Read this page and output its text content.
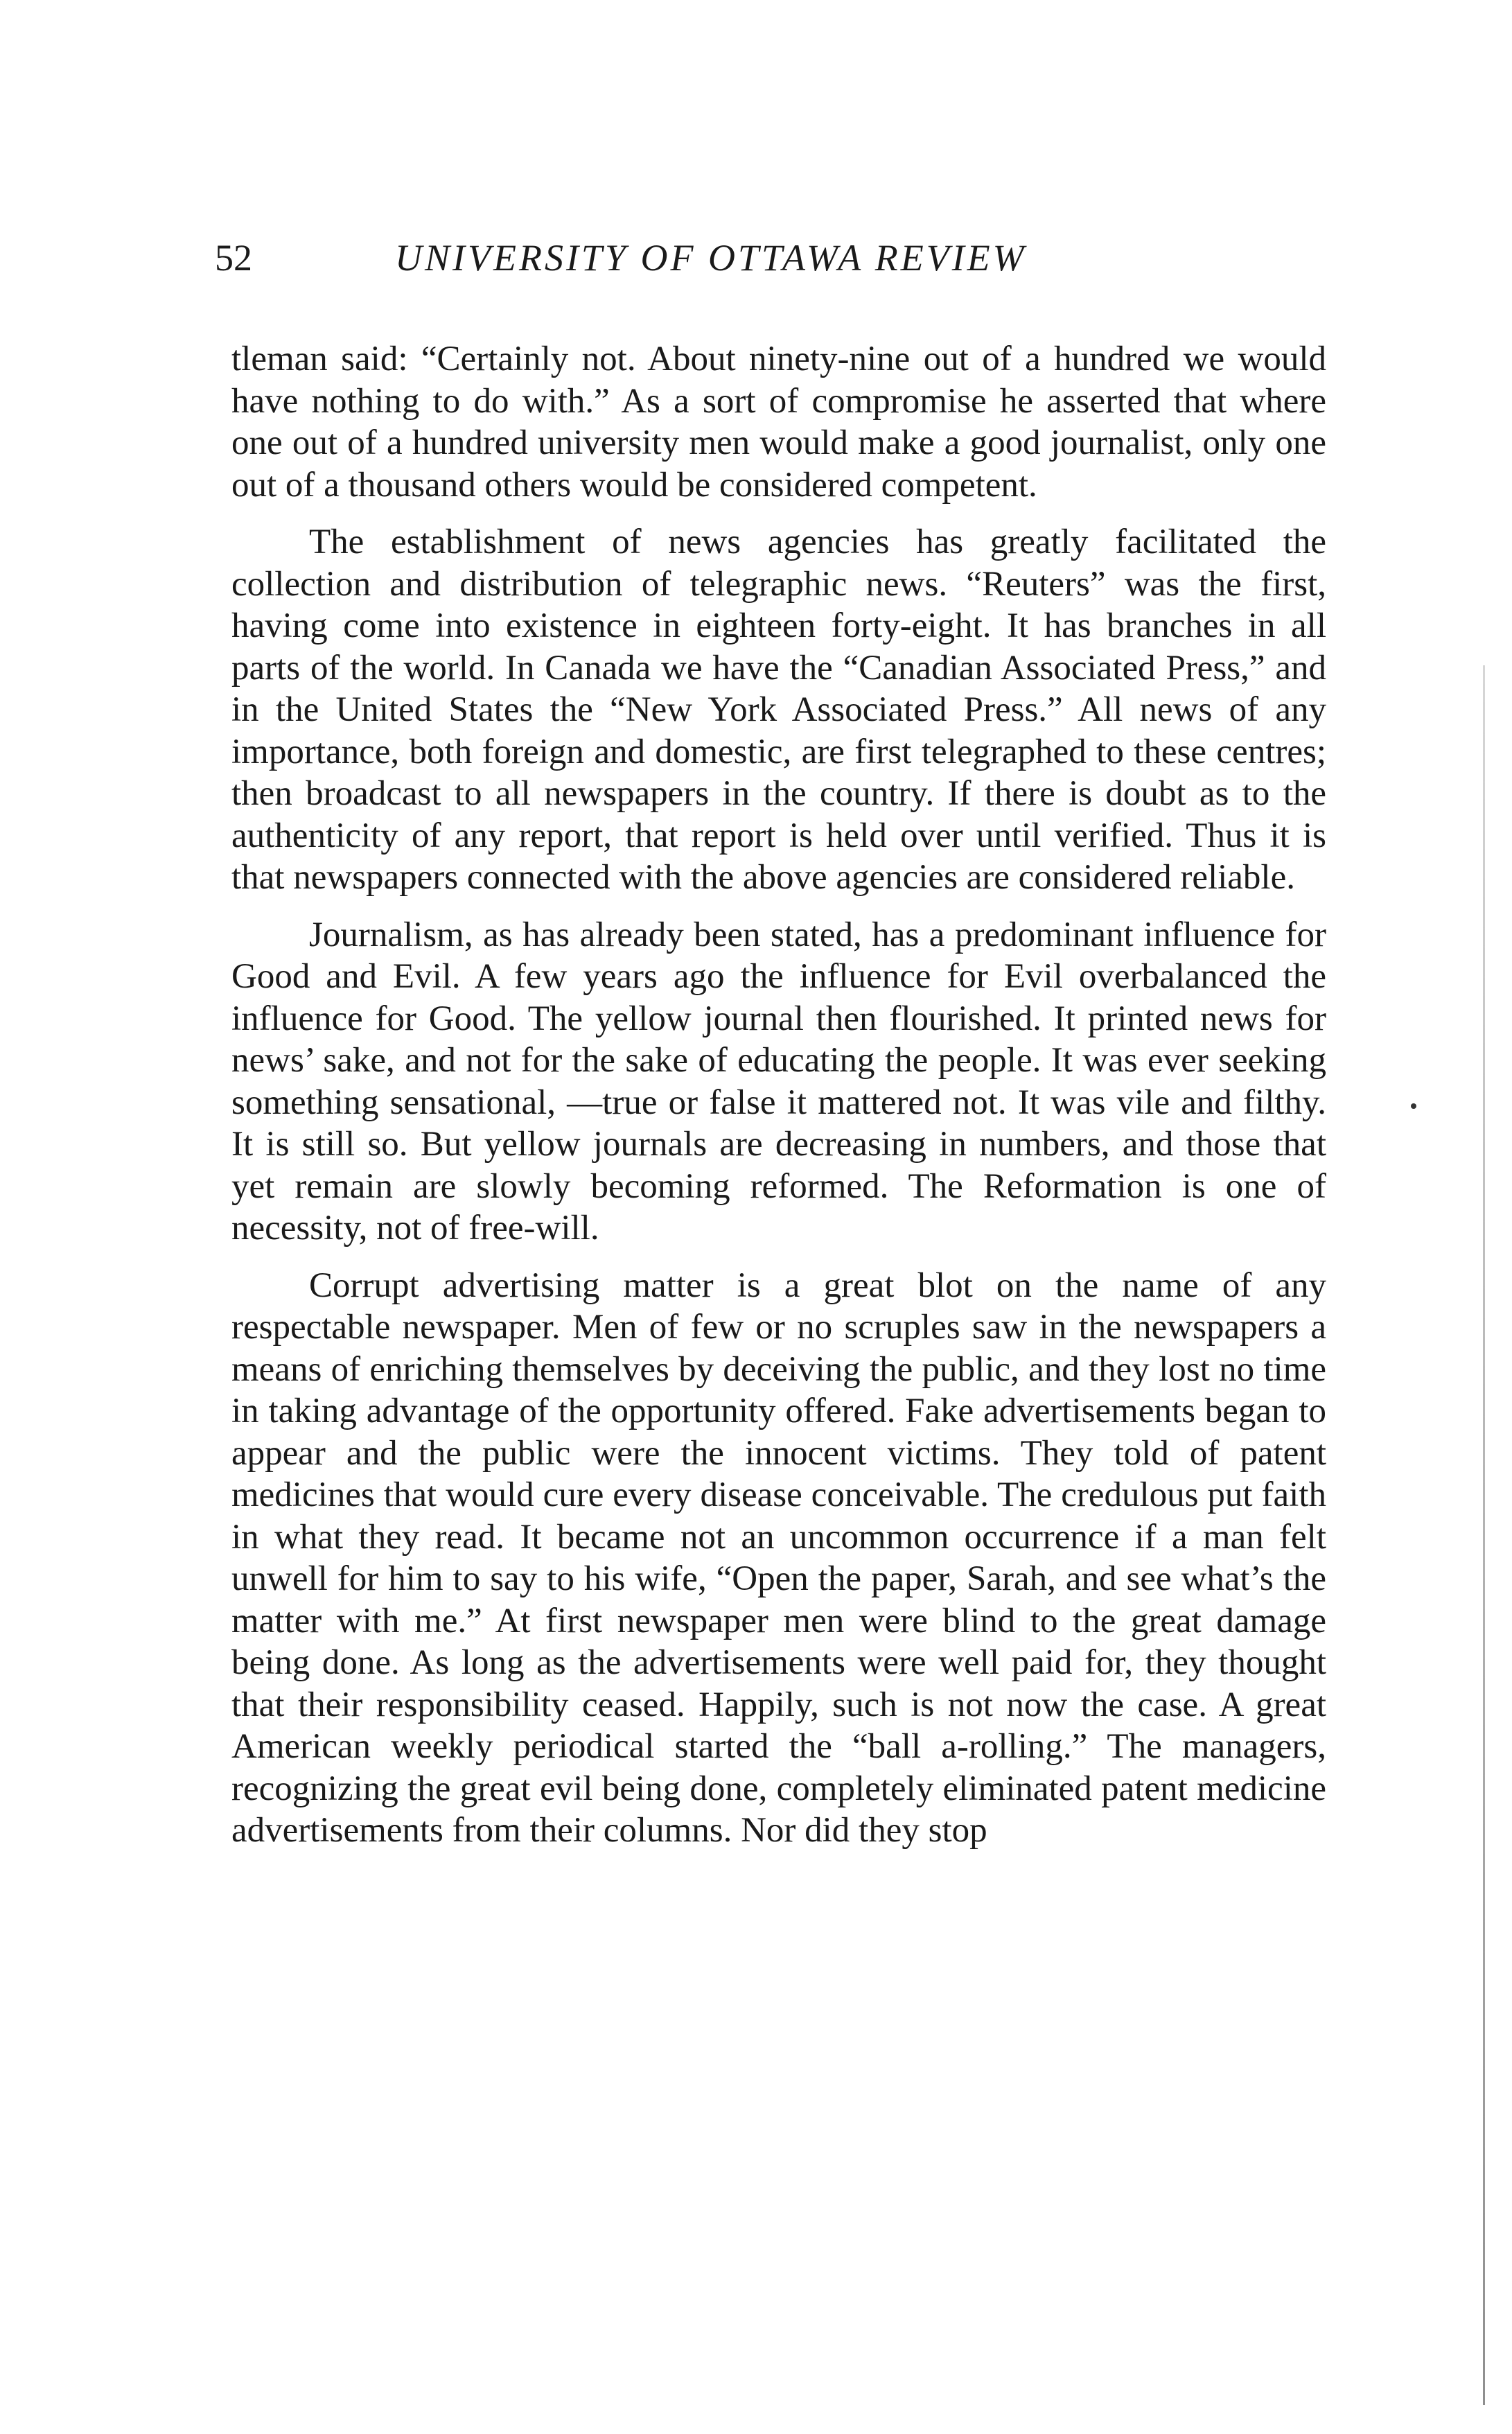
52	UNIVERSITY OF OTTAWA REVIEW

tleman said: “Certainly not. About ninety-nine out of a hundred we would have nothing to do with.” As a sort of compromise he asserted that where one out of a hundred university men would make a good journalist, only one out of a thousand others would be considered competent.

The establishment of news agencies has greatly facilitated the collection and distribution of telegraphic news. “Reuters” was the first, having come into existence in eighteen forty-eight. It has branches in all parts of the world. In Canada we have the “Canadian Associated Press,” and in the United States the “New York Associated Press.” All news of any importance, both foreign and domestic, are first telegraphed to these centres; then broadcast to all newspapers in the country. If there is doubt as to the authenticity of any report, that report is held over until verified. Thus it is that newspapers connected with the above agencies are considered reliable.

Journalism, as has already been stated, has a predominant influence for Good and Evil. A few years ago the influence for Evil overbalanced the influence for Good. The yellow journal then flourished. It printed news for news’ sake, and not for the sake of educating the people. It was ever seeking something sensational, —true or false it mattered not. It was vile and filthy. It is still so. But yellow journals are decreasing in numbers, and those that yet remain are slowly becoming reformed. The Reformation is one of necessity, not of free-will.

Corrupt advertising matter is a great blot on the name of any respectable newspaper. Men of few or no scruples saw in the newspapers a means of enriching themselves by deceiving the public, and they lost no time in taking advantage of the opportunity offered. Fake advertisements began to appear and the public were the innocent victims. They told of patent medicines that would cure every disease conceivable. The credulous put faith in what they read. It became not an uncommon occurrence if a man felt unwell for him to say to his wife, “Open the paper, Sarah, and see what’s the matter with me.” At first newspaper men were blind to the great damage being done. As long as the advertisements were well paid for, they thought that their responsibility ceased. Happily, such is not now the case. A great American weekly periodical started the “ball a-rolling.” The managers, recognizing the great evil being done, completely eliminated patent medicine advertisements from their columns. Nor did they stop
